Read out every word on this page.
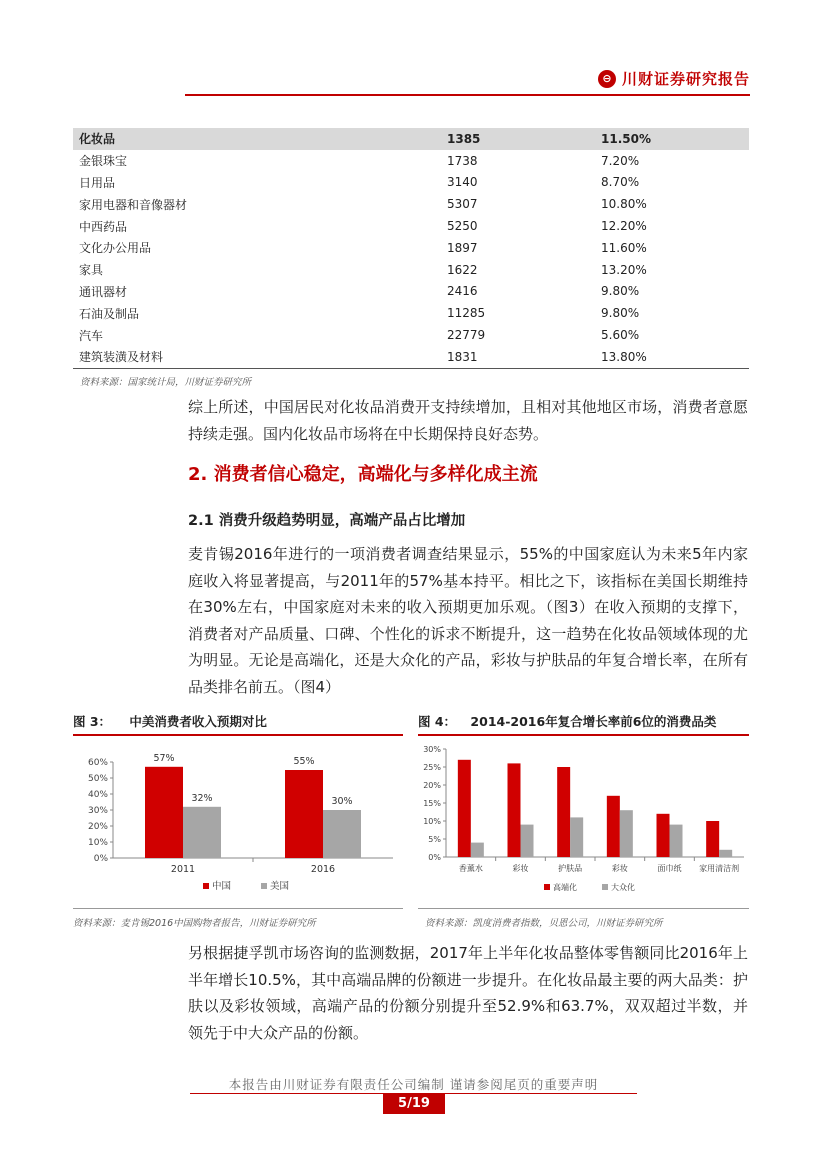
⊖ 川财证券研究报告
化妆品	1385	11.50%
金银珠宝	1738	7.20%
日用品	3140	8.70%
家用电器和音像器材	5307	10.80%
中西药品	5250	12.20%
文化办公用品	1897	11.60%
家具	1622	13.20%
通讯器材	2416	9.80%
石油及制品	11285	9.80%
汽车	22779	5.60%
建筑装潢及材料	1831	13.80%
资料来源：国家统计局，川财证券研究所
综上所述，中国居民对化妆品消费开支持续增加，且相对其他地区市场，消费者意愿持续走强。国内化妆品市场将在中长期保持良好态势。
2. 消费者信心稳定，高端化与多样化成主流
2.1 消费升级趋势明显，高端产品占比增加
麦肯锡2016年进行的一项消费者调查结果显示，55%的中国家庭认为未来5年内家庭收入将显著提高，与2011年的57%基本持平。相比之下，该指标在美国长期维持在30%左右，中国家庭对未来的收入预期更加乐观。（图3）在收入预期的支撑下，消费者对产品质量、口碑、个性化的诉求不断提升，这一趋势在化妆品领域体现的尤为明显。无论是高端化，还是大众化的产品，彩妆与护肤品的年复合增长率，在所有品类排名前五。（图4）
图 3： 中美消费者收入预期对比
0%
10%
20%
30%
40%
50%
60%	57%
32%
2011
55%
30%
2016
中国	美国
资料来源：麦肯锡2016中国购物者报告，川财证券研究所
图 4： 2014-2016年复合增长率前6位的消费品类
0%
5%
10%
15%
20%
25%
30%
香薰水	彩妆	护肤品	彩妆	面巾纸 家用清洁剂
高端化	大众化
资料来源：凯度消费者指数，贝恩公司，川财证券研究所
另根据捷孚凯市场咨询的监测数据，2017年上半年化妆品整体零售额同比2016年上半年增长10.5%，其中高端品牌的份额进一步提升。在化妆品最主要的两大品类：护肤以及彩妆领域，高端产品的份额分别提升至52.9%和63.7%，双双超过半数，并领先于中大众产品的份额。
本报告由川财证券有限责任公司编制 谨请参阅尾页的重要声明
5/19
